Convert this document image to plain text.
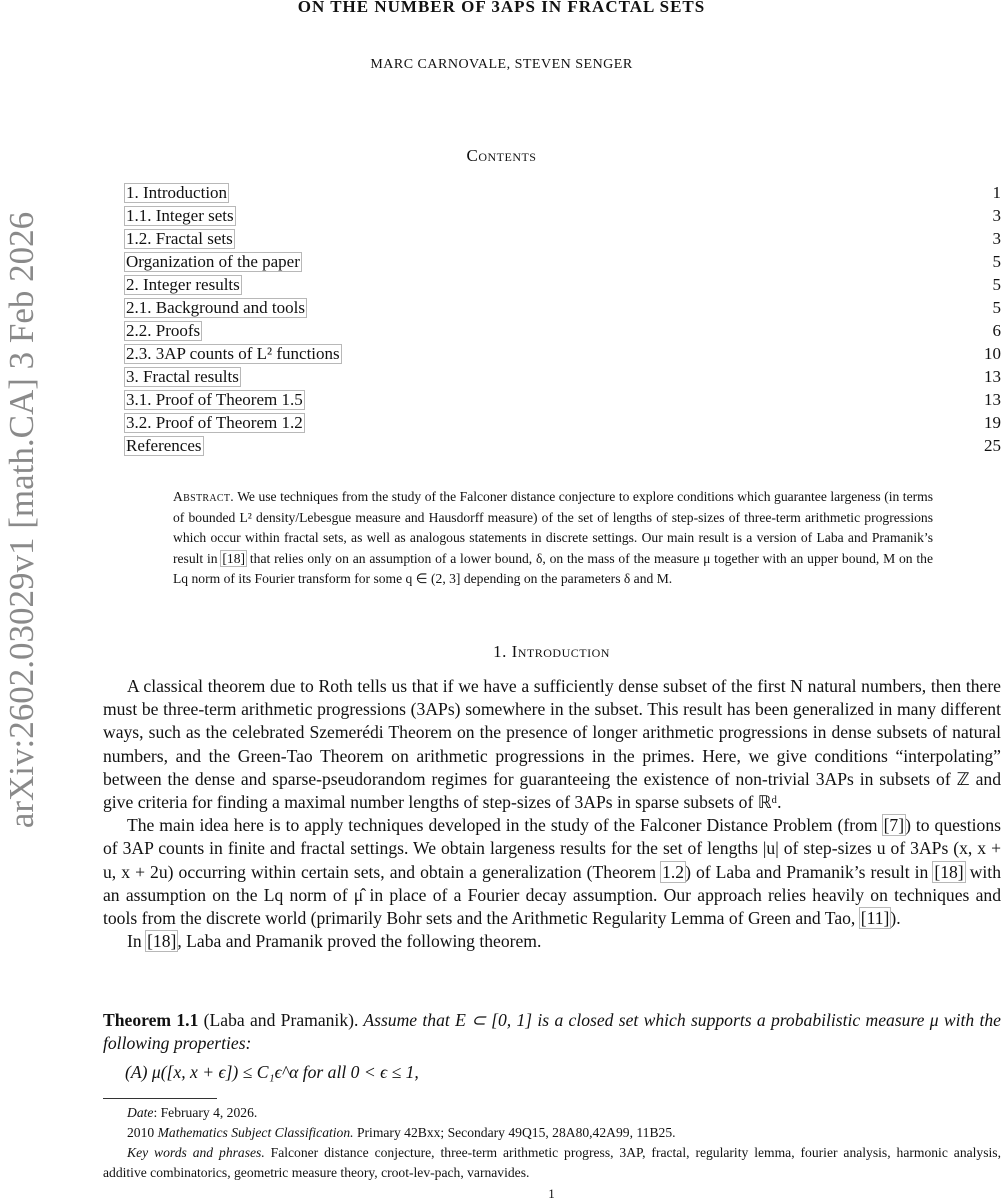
arXiv:2602.03029v1 [math.CA] 3 Feb 2026
ON THE NUMBER OF 3APS IN FRACTAL SETS
MARC CARNOVALE, STEVEN SENGER
Contents
1. Introduction	1
1.1. Integer sets	3
1.2. Fractal sets	3
Organization of the paper	5
2. Integer results	5
2.1. Background and tools	5
2.2. Proofs	6
2.3. 3AP counts of L² functions	10
3. Fractal results	13
3.1. Proof of Theorem 1.5	13
3.2. Proof of Theorem 1.2	19
References	25
Abstract. We use techniques from the study of the Falconer distance conjecture to explore conditions which guarantee largeness (in terms of bounded L² density/Lebesgue measure and Hausdorff measure) of the set of lengths of step-sizes of three-term arithmetic progressions which occur within fractal sets, as well as analogous statements in discrete settings. Our main result is a version of Laba and Pramanik’s result in [18] that relies only on an assumption of a lower bound, δ, on the mass of the measure μ together with an upper bound, M on the Lq norm of its Fourier transform for some q ∈ (2, 3] depending on the parameters δ and M.
1. Introduction

A classical theorem due to Roth tells us that if we have a sufficiently dense subset of the first N natural numbers, then there must be three-term arithmetic progressions (3APs) somewhere in the subset. This result has been generalized in many different ways, such as the celebrated Szemerédi Theorem on the presence of longer arithmetic progressions in dense subsets of natural numbers, and the Green-Tao Theorem on arithmetic progressions in the primes. Here, we give conditions “interpolating” between the dense and sparse-pseudorandom regimes for guaranteeing the existence of non-trivial 3APs in subsets of ℤ and give criteria for finding a maximal number lengths of step-sizes of 3APs in sparse subsets of ℝᵈ.

The main idea here is to apply techniques developed in the study of the Falconer Distance Problem (from [7]) to questions of 3AP counts in finite and fractal settings. We obtain largeness results for the set of lengths |u| of step-sizes u of 3APs (x, x + u, x + 2u) occurring within certain sets, and obtain a generalization (Theorem 1.2) of Laba and Pramanik’s result in [18] with an assumption on the Lq norm of μ̂ in place of a Fourier decay assumption. Our approach relies heavily on techniques and tools from the discrete world (primarily Bohr sets and the Arithmetic Regularity Lemma of Green and Tao, [11]).

In [18], Laba and Pramanik proved the following theorem.

Theorem 1.1 (Laba and Pramanik). Assume that E ⊂ [0, 1] is a closed set which supports a probabilistic measure μ with the following properties:
(A) μ([x, x + ϵ]) ≤ C₁ϵ^α for all 0 < ϵ ≤ 1,

Date: February 4, 2026.

2010 Mathematics Subject Classification. Primary 42Bxx; Secondary 49Q15, 28A80,42A99, 11B25.

Key words and phrases. Falconer distance conjecture, three-term arithmetic progress, 3AP, fractal, regularity lemma, fourier analysis, harmonic analysis, additive combinatorics, geometric measure theory, croot-lev-pach, varnavides.

1
